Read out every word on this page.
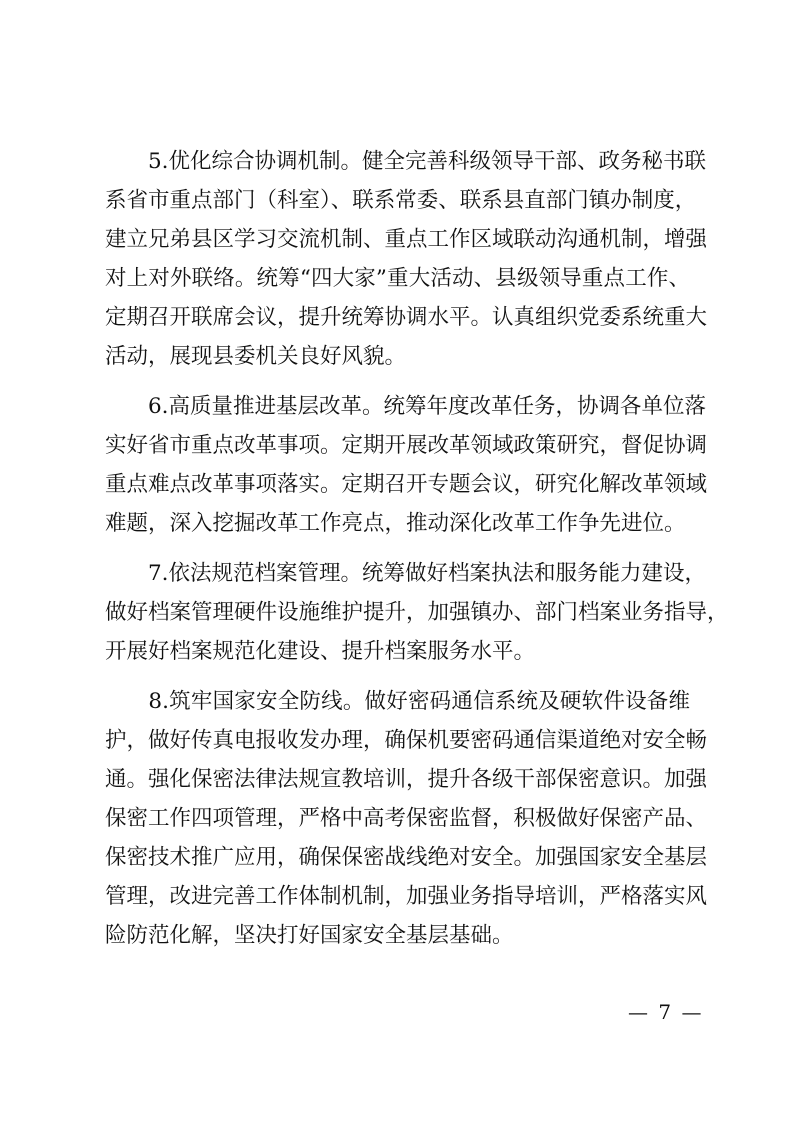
　　5.优化综合协调机制。健全完善科级领导干部、政务秘书联
系省市重点部门（科室）、联系常委、联系县直部门镇办制度，
建立兄弟县区学习交流机制、重点工作区域联动沟通机制，增强
对上对外联络。统筹“四大家”重大活动、县级领导重点工作、
定期召开联席会议，提升统筹协调水平。认真组织党委系统重大
活动，展现县委机关良好风貌。
　　6.高质量推进基层改革。统筹年度改革任务，协调各单位落
实好省市重点改革事项。定期开展改革领域政策研究，督促协调
重点难点改革事项落实。定期召开专题会议，研究化解改革领域
难题，深入挖掘改革工作亮点，推动深化改革工作争先进位。
　　7.依法规范档案管理。统筹做好档案执法和服务能力建设，
做好档案管理硬件设施维护提升，加强镇办、部门档案业务指导，
开展好档案规范化建设、提升档案服务水平。
　　8.筑牢国家安全防线。做好密码通信系统及硬软件设备维
护，做好传真电报收发办理，确保机要密码通信渠道绝对安全畅
通。强化保密法律法规宣教培训，提升各级干部保密意识。加强
保密工作四项管理，严格中高考保密监督，积极做好保密产品、
保密技术推广应用，确保保密战线绝对安全。加强国家安全基层
管理，改进完善工作体制机制，加强业务指导培训，严格落实风
险防范化解，坚决打好国家安全基层基础。
— 7 —
